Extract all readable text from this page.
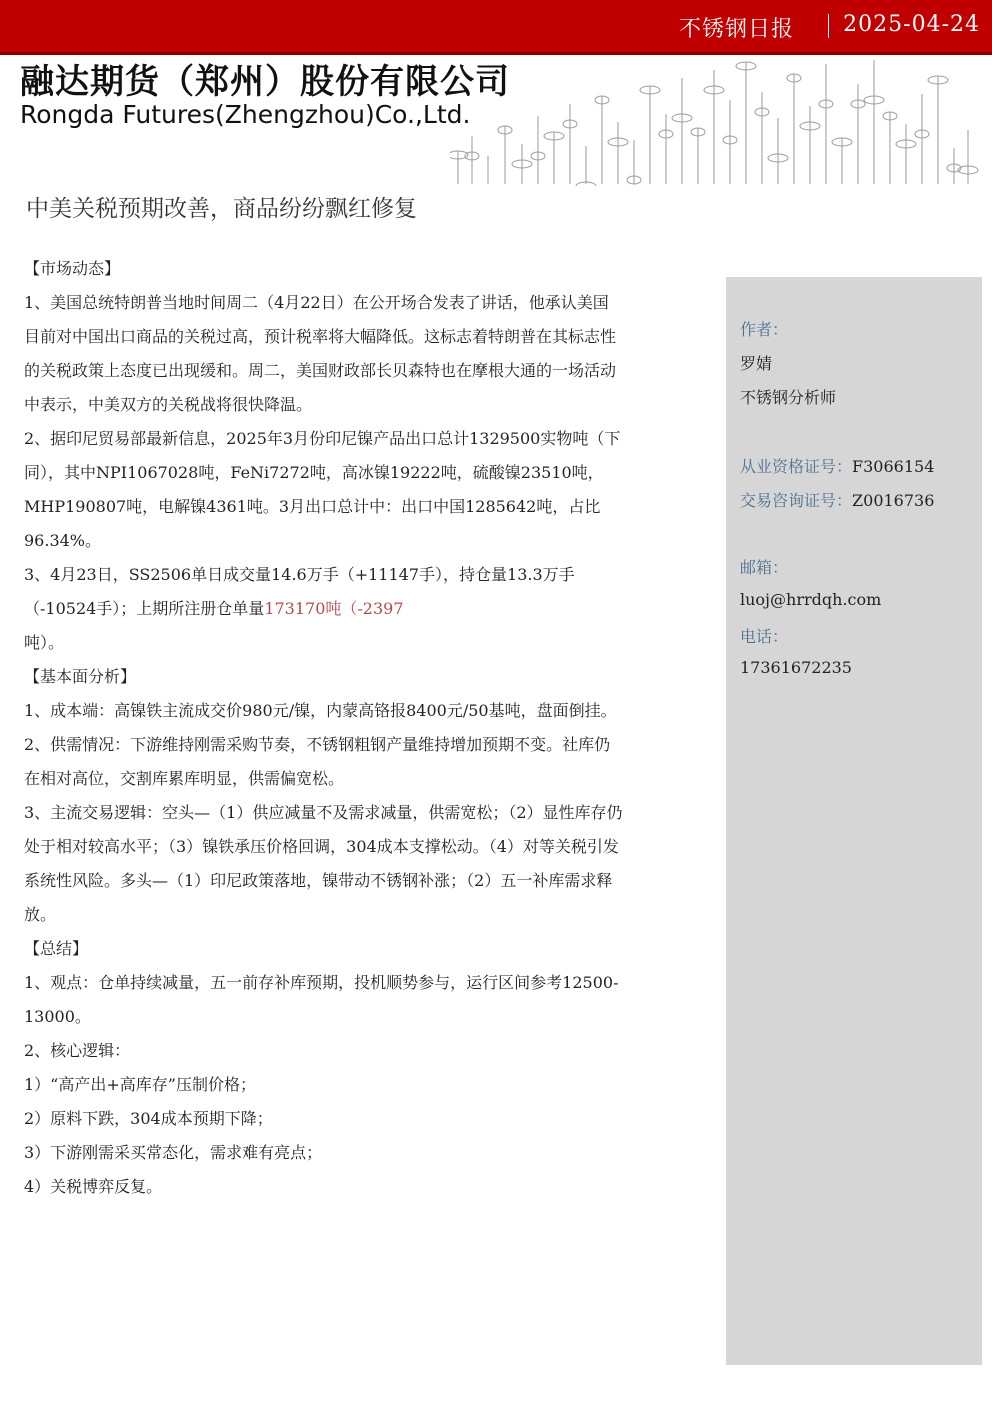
不锈钢日报 2025-04-24
融达期货（郑州）股份有限公司
Rongda Futures(Zhengzhou)Co.,Ltd.
中美关税预期改善，商品纷纷飘红修复

【市场动态】

1、美国总统特朗普当地时间周二（4月22日）在公开场合发表了讲话，他承认美国目前对中国出口商品的关税过高，预计税率将大幅降低。这标志着特朗普在其标志性的关税政策上态度已出现缓和。周二，美国财政部长贝森特也在摩根大通的一场活动中表示，中美双方的关税战将很快降温。

2、据印尼贸易部最新信息，2025年3月份印尼镍产品出口总计1329500实物吨（下同），其中NPI1067028吨，FeNi7272吨，高冰镍19222吨，硫酸镍23510吨，MHP190807吨，电解镍4361吨。3月出口总计中：出口中国1285642吨，占比96.34%。

3、4月23日，SS2506单日成交量14.6万手（+11147手），持仓量13.3万手（-10524手）；上期所注册仓单量173170吨（-2397
吨）。

【基本面分析】

1、成本端：高镍铁主流成交价980元/镍，内蒙高铬报8400元/50基吨，盘面倒挂。

2、供需情况：下游维持刚需采购节奏，不锈钢粗钢产量维持增加预期不变。社库仍在相对高位，交割库累库明显，供需偏宽松。

3、主流交易逻辑：空头—（1）供应减量不及需求减量，供需宽松；（2）显性库存仍处于相对较高水平；（3）镍铁承压价格回调，304成本支撑松动。（4）对等关税引发系统性风险。多头—（1）印尼政策落地，镍带动不锈钢补涨；（2）五一补库需求释放。

【总结】

1、观点：仓单持续减量，五一前存补库预期，投机顺势参与，运行区间参考12500-13000。

2、核心逻辑：

1）“高产出+高库存”压制价格；

2）原料下跌，304成本预期下降；

3）下游刚需采买常态化，需求难有亮点；

4）关税博弈反复。

作者：
罗婧
不锈钢分析师
从业资格证号：F3066154
交易咨询证号：Z0016736
邮箱：
luoj@hrrdqh.com
电话：
17361672235
